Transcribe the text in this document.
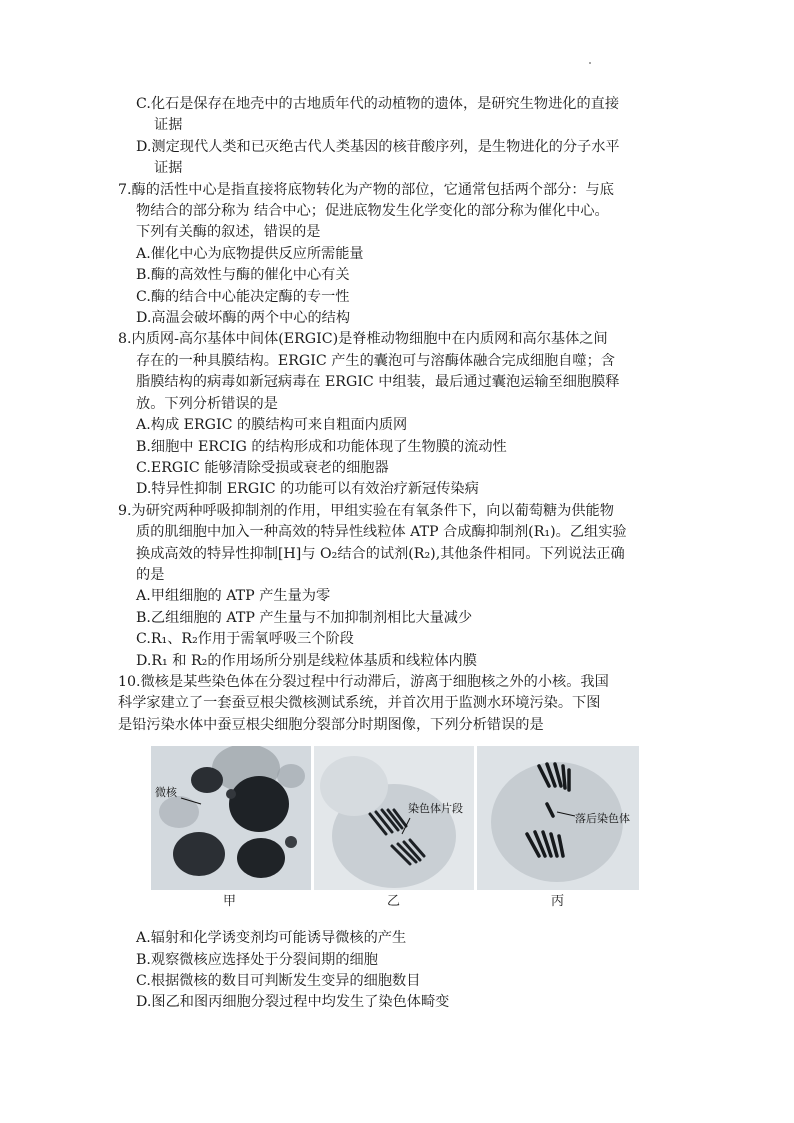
C.化石是保存在地壳中的古地质年代的动植物的遗体，是研究生物进化的直接
证据
D.测定现代人类和已灭绝古代人类基因的核苷酸序列，是生物进化的分子水平
证据
7.酶的活性中心是指直接将底物转化为产物的部位，它通常包括两个部分：与底
物结合的部分称为 结合中心；促进底物发生化学变化的部分称为催化中心。
下列有关酶的叙述，错误的是
A.催化中心为底物提供反应所需能量
B.酶的高效性与酶的催化中心有关
C.酶的结合中心能决定酶的专一性
D.高温会破坏酶的两个中心的结构
8.内质网-高尔基体中间体(ERGIC)是脊椎动物细胞中在内质网和高尔基体之间
存在的一种具膜结构。ERGIC 产生的囊泡可与溶酶体融合完成细胞自噬；含
脂膜结构的病毒如新冠病毒在 ERGIC 中组装，最后通过囊泡运输至细胞膜释
放。下列分析错误的是
A.构成 ERGIC 的膜结构可来自粗面内质网
B.细胞中 ERCIG 的结构形成和功能体现了生物膜的流动性
C.ERGIC 能够清除受损或衰老的细胞器
D.特异性抑制 ERGIC 的功能可以有效治疗新冠传染病
9.为研究两种呼吸抑制剂的作用，甲组实验在有氧条件下，向以葡萄糖为供能物
质的肌细胞中加入一种高效的特异性线粒体 ATP 合成酶抑制剂(R₁)。乙组实验
换成高效的特异性抑制[H]与 O₂结合的试剂(R₂),其他条件相同。下列说法正确
的是
A.甲组细胞的 ATP 产生量为零
B.乙组细胞的 ATP 产生量与不加抑制剂相比大量减少
C.R₁、R₂作用于需氧呼吸三个阶段
D.R₁ 和 R₂的作用场所分别是线粒体基质和线粒体内膜
10.微核是某些染色体在分裂过程中行动滞后，游离于细胞核之外的小核。我国
科学家建立了一套蚕豆根尖微核测试系统，并首次用于监测水环境污染。下图
是铅污染水体中蚕豆根尖细胞分裂部分时期图像，下列分析错误的是
微核
染色体片段
落后染色体
甲	乙	丙
A.辐射和化学诱变剂均可能诱导微核的产生
B.观察微核应选择处于分裂间期的细胞
C.根据微核的数目可判断发生变异的细胞数目
D.图乙和图丙细胞分裂过程中均发生了染色体畸变
